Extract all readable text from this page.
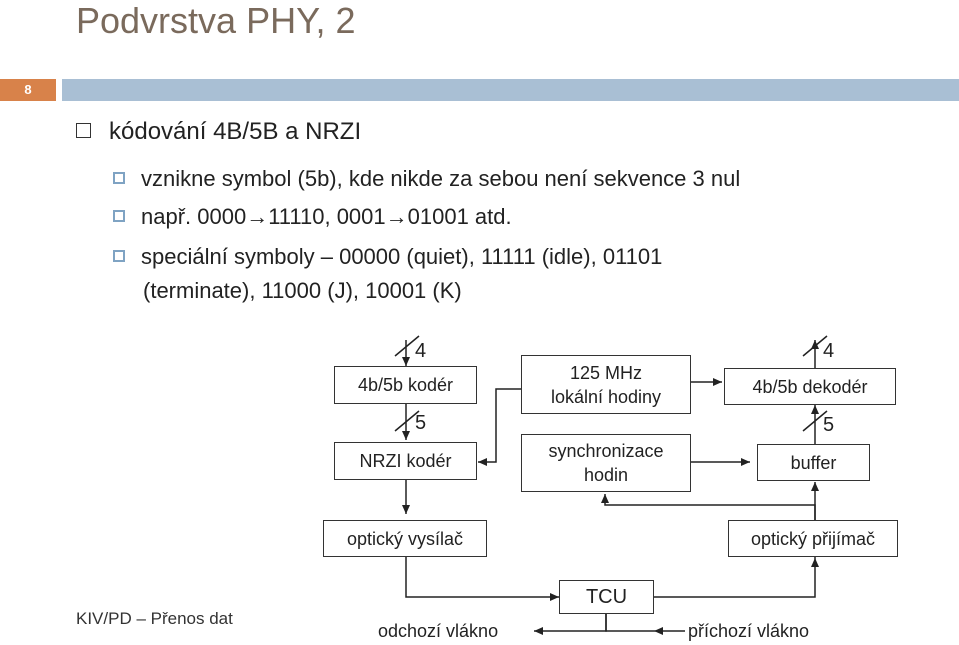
Podvrstva PHY, 2
8
kódování 4B/5B a NRZI
vznikne symbol (5b), kde nikde za sebou není sekvence 3 nul
např. 0000→11110, 0001→01001 atd.
speciální symboly – 00000 (quiet), 11111 (idle), 01101
(terminate), 11000 (J), 10001 (K)
4
5
4
5
4b/5b kodér
NRZI kodér
125 MHz
lokální hodiny
synchronizace
hodin
4b/5b dekodér
buffer
optický vysílač	optický přijímač
TCU
odchozí vlákno	příchozí vlákno
KIV/PD – Přenos dat
